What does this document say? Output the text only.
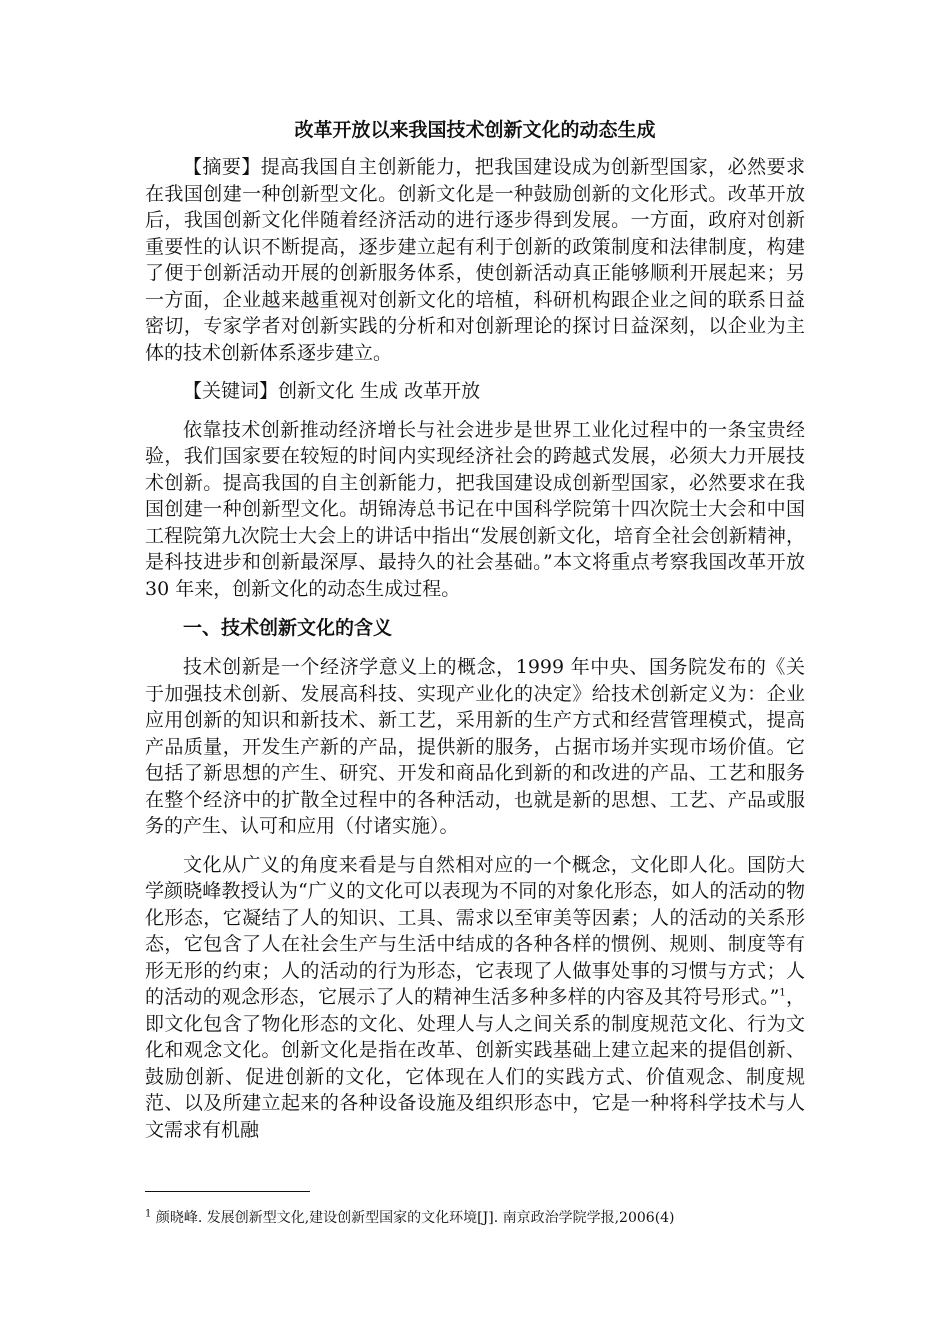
改革开放以来我国技术创新文化的动态生成

【摘要】提高我国自主创新能力，把我国建设成为创新型国家，必然要求在我国创建一种创新型文化。创新文化是一种鼓励创新的文化形式。改革开放后，我国创新文化伴随着经济活动的进行逐步得到发展。一方面，政府对创新重要性的认识不断提高，逐步建立起有利于创新的政策制度和法律制度，构建了便于创新活动开展的创新服务体系，使创新活动真正能够顺利开展起来；另一方面，企业越来越重视对创新文化的培植，科研机构跟企业之间的联系日益密切，专家学者对创新实践的分析和对创新理论的探讨日益深刻，以企业为主体的技术创新体系逐步建立。

【关键词】创新文化 生成 改革开放

依靠技术创新推动经济增长与社会进步是世界工业化过程中的一条宝贵经验，我们国家要在较短的时间内实现经济社会的跨越式发展，必须大力开展技术创新。提高我国的自主创新能力，把我国建设成创新型国家，必然要求在我国创建一种创新型文化。胡锦涛总书记在中国科学院第十四次院士大会和中国工程院第九次院士大会上的讲话中指出“发展创新文化，培育全社会创新精神，是科技进步和创新最深厚、最持久的社会基础。”本文将重点考察我国改革开放 30 年来，创新文化的动态生成过程。

一、技术创新文化的含义

技术创新是一个经济学意义上的概念，1999 年中央、国务院发布的《关于加强技术创新、发展高科技、实现产业化的决定》给技术创新定义为：企业应用创新的知识和新技术、新工艺，采用新的生产方式和经营管理模式，提高产品质量，开发生产新的产品，提供新的服务，占据市场并实现市场价值。它包括了新思想的产生、研究、开发和商品化到新的和改进的产品、工艺和服务在整个经济中的扩散全过程中的各种活动，也就是新的思想、工艺、产品或服务的产生、认可和应用（付诸实施）。

文化从广义的角度来看是与自然相对应的一个概念，文化即人化。国防大学颜晓峰教授认为“广义的文化可以表现为不同的对象化形态，如人的活动的物化形态，它凝结了人的知识、工具、需求以至审美等因素；人的活动的关系形态，它包含了人在社会生产与生活中结成的各种各样的惯例、规则、制度等有形无形的约束；人的活动的行为形态，它表现了人做事处事的习惯与方式；人的活动的观念形态，它展示了人的精神生活多种多样的内容及其符号形式。”$^1$，即文化包含了物化形态的文化、处理人与人之间关系的制度规范文化、行为文化和观念文化。创新文化是指在改革、创新实践基础上建立起来的提倡创新、鼓励创新、促进创新的文化，它体现在人们的实践方式、价值观念、制度规范、以及所建立起来的各种设备设施及组织形态中，它是一种将科学技术与人文需求有机融

$^1$ 颜晓峰. 发展创新型文化,建设创新型国家的文化环境[J]. 南京政治学院学报,2006(4)
